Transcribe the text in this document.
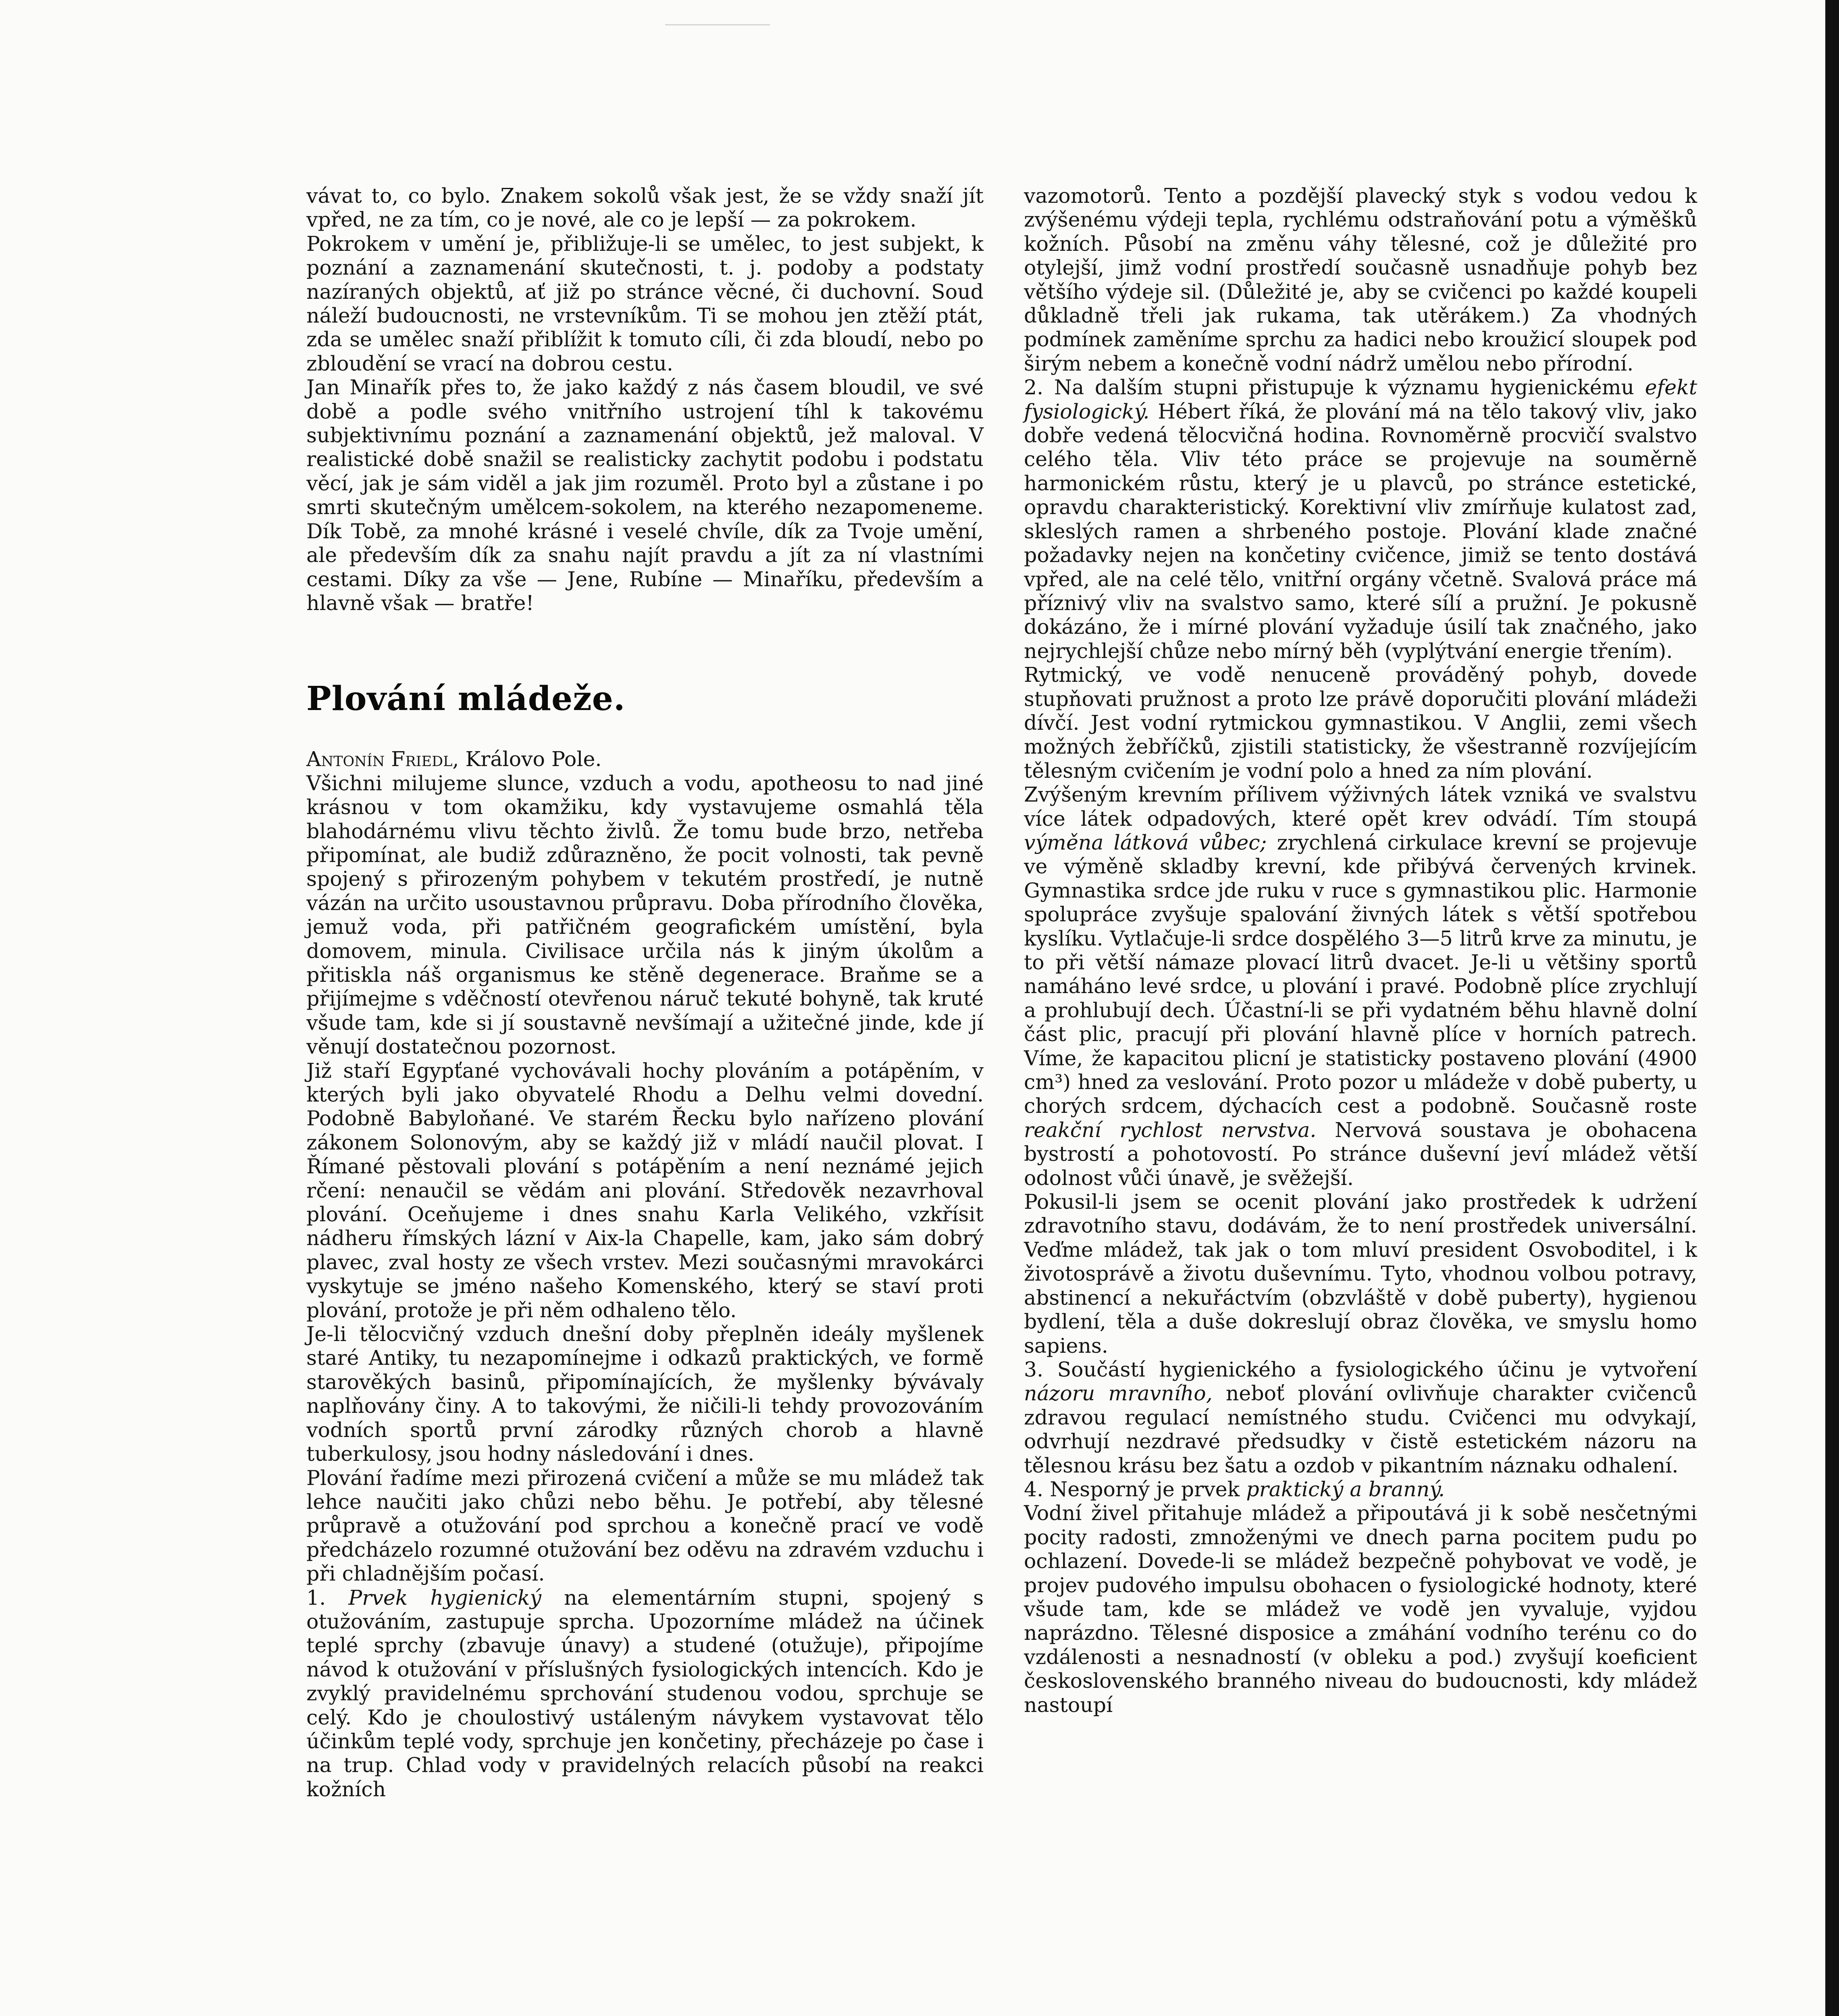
vávat to, co bylo. Znakem sokolů však jest, že se vždy snaží jít vpřed, ne za tím, co je nové, ale co je lepší — za pokrokem.

Pokrokem v umění je, přibližuje-li se umělec, to jest subjekt, k poznání a zaznamenání skutečnosti, t. j. podoby a podstaty nazíraných objektů, ať již po stránce věcné, či duchovní. Soud náleží budoucnosti, ne vrstevníkům. Ti se mohou jen ztěží ptát, zda se umělec snaží přiblížit k tomuto cíli, či zda bloudí, nebo po zbloudění se vrací na dobrou cestu.

Jan Minařík přes to, že jako každý z nás časem bloudil, ve své době a podle svého vnitřního ustrojení tíhl k takovému subjektivnímu poznání a zaznamenání objektů, jež maloval. V realistické době snažil se realisticky zachytit podobu i podstatu věcí, jak je sám viděl a jak jim rozuměl. Proto byl a zůstane i po smrti skutečným umělcem-sokolem, na kterého nezapomeneme. Dík Tobě, za mnohé krásné i veselé chvíle, dík za Tvoje umění, ale především dík za snahu najít pravdu a jít za ní vlastními cestami. Díky za vše — Jene, Rubíne — Minaříku, především a hlavně však — bratře!

Plování mládeže.

Antonín Friedl, Královo Pole.

Všichni milujeme slunce, vzduch a vodu, apotheosu to nad jiné krásnou v tom okamžiku, kdy vystavujeme osmahlá těla blahodárnému vlivu těchto živlů. Že tomu bude brzo, netřeba připomínat, ale budiž zdůrazněno, že pocit volnosti, tak pevně spojený s přirozeným pohybem v tekutém prostředí, je nutně vázán na určito usoustavnou průpravu. Doba přírodního člověka, jemuž voda, při patřičném geografickém umístění, byla domovem, minula. Civilisace určila nás k jiným úkolům a přitiskla náš organismus ke stěně degenerace. Braňme se a přijímejme s vděčností otevřenou náruč tekuté bohyně, tak kruté všude tam, kde si jí soustavně nevšímají a užitečné jinde, kde jí věnují dostatečnou pozornost.

Již staří Egypťané vychovávali hochy plováním a potápěním, v kterých byli jako obyvatelé Rhodu a Delhu velmi dovední. Podobně Babyloňané. Ve starém Řecku bylo nařízeno plování zákonem Solonovým, aby se každý již v mládí naučil plovat. I Římané pěstovali plování s potápěním a není neznámé jejich rčení: nenaučil se vědám ani plování. Středověk nezavrhoval plování. Oceňujeme i dnes snahu Karla Velikého, vzkřísit nádheru římských lázní v Aix-la Chapelle, kam, jako sám dobrý plavec, zval hosty ze všech vrstev. Mezi současnými mravokárci vyskytuje se jméno našeho Komenského, který se staví proti plování, protože je při něm odhaleno tělo.

Je-li tělocvičný vzduch dnešní doby přeplněn ideály myšlenek staré Antiky, tu nezapomínejme i odkazů praktických, ve formě starověkých basinů, připomínajících, že myšlenky bývávaly naplňovány činy. A to takovými, že ničili-li tehdy provozováním vodních sportů první zárodky různých chorob a hlavně tuberkulosy, jsou hodny následování i dnes.

Plování řadíme mezi přirozená cvičení a může se mu mládež tak lehce naučiti jako chůzi nebo běhu. Je potřebí, aby tělesné průpravě a otužování pod sprchou a konečně prací ve vodě předcházelo rozumné otužování bez oděvu na zdravém vzduchu i při chladnějším počasí.

1. Prvek hygienický na elementárním stupni, spojený s otužováním, zastupuje sprcha. Upozorníme mládež na účinek teplé sprchy (zbavuje únavy) a studené (otužuje), připojíme návod k otužování v příslušných fysiologických intencích. Kdo je zvyklý pravidelnému sprchování studenou vodou, sprchuje se celý. Kdo je choulostivý ustáleným návykem vystavovat tělo účinkům teplé vody, sprchuje jen končetiny, přecházeje po čase i na trup. Chlad vody v pravidelných relacích působí na reakci kožních

vazomotorů. Tento a pozdější plavecký styk s vodou vedou k zvýšenému výdeji tepla, rychlému odstraňování potu a výměšků kožních. Působí na změnu váhy tělesné, což je důležité pro otylejší, jimž vodní prostředí současně usnadňuje pohyb bez většího výdeje sil. (Důležité je, aby se cvičenci po každé koupeli důkladně třeli jak rukama, tak utěrákem.) Za vhodných podmínek zaměníme sprchu za hadici nebo kroužicí sloupek pod širým nebem a konečně vodní nádrž umělou nebo přírodní.

2. Na dalším stupni přistupuje k významu hygienickému efekt fysiologický. Hébert říká, že plování má na tělo takový vliv, jako dobře vedená tělocvičná hodina. Rovnoměrně procvičí svalstvo celého těla. Vliv této práce se projevuje na souměrně harmonickém růstu, který je u plavců, po stránce estetické, opravdu charakteristický. Korektivní vliv zmírňuje kulatost zad, skleslých ramen a shrbeného postoje. Plování klade značné požadavky nejen na končetiny cvičence, jimiž se tento dostává vpřed, ale na celé tělo, vnitřní orgány včetně. Svalová práce má příznivý vliv na svalstvo samo, které sílí a pružní. Je pokusně dokázáno, že i mírné plování vyžaduje úsilí tak značného, jako nejrychlejší chůze nebo mírný běh (vyplýtvání energie třením).

Rytmický, ve vodě nenuceně prováděný pohyb, dovede stupňovati pružnost a proto lze právě doporučiti plování mládeži dívčí. Jest vodní rytmickou gymnastikou. V Anglii, zemi všech možných žebříčků, zjistili statisticky, že všestranně rozvíjejícím tělesným cvičením je vodní polo a hned za ním plování.

Zvýšeným krevním přílivem výživných látek vzniká ve svalstvu více látek odpadových, které opět krev odvádí. Tím stoupá výměna látková vůbec; zrychlená cirkulace krevní se projevuje ve výměně skladby krevní, kde přibývá červených krvinek. Gymnastika srdce jde ruku v ruce s gymnastikou plic. Harmonie spolupráce zvyšuje spalování živných látek s větší spotřebou kyslíku. Vytlačuje-li srdce dospělého 3—5 litrů krve za minutu, je to při větší námaze plovací litrů dvacet. Je-li u většiny sportů namáháno levé srdce, u plování i pravé. Podobně plíce zrychlují a prohlubují dech. Účastní-li se při vydatném běhu hlavně dolní část plic, pracují při plování hlavně plíce v horních patrech. Víme, že kapacitou plicní je statisticky postaveno plování (4900 cm³) hned za veslování. Proto pozor u mládeže v době puberty, u chorých srdcem, dýchacích cest a podobně. Současně roste reakční rychlost nervstva. Nervová soustava je obohacena bystrostí a pohotovostí. Po stránce duševní jeví mládež větší odolnost vůči únavě, je svěžejší.

Pokusil-li jsem se ocenit plování jako prostředek k udržení zdravotního stavu, dodávám, že to není prostředek universální. Veďme mládež, tak jak o tom mluví president Osvoboditel, i k životosprávě a životu duševnímu. Tyto, vhodnou volbou potravy, abstinencí a nekuřáctvím (obzvláště v době puberty), hygienou bydlení, těla a duše dokreslují obraz člověka, ve smyslu homo sapiens.

3. Součástí hygienického a fysiologického účinu je vytvoření názoru mravního, neboť plování ovlivňuje charakter cvičenců zdravou regulací nemístného studu. Cvičenci mu odvykají, odvrhují nezdravé předsudky v čistě estetickém názoru na tělesnou krásu bez šatu a ozdob v pikantním náznaku odhalení.

4. Nesporný je prvek praktický a branný.

Vodní živel přitahuje mládež a připoutává ji k sobě nesčetnými pocity radosti, zmnoženými ve dnech parna pocitem pudu po ochlazení. Dovede-li se mládež bezpečně pohybovat ve vodě, je projev pudového impulsu obohacen o fysiologické hodnoty, které všude tam, kde se mládež ve vodě jen vyvaluje, vyjdou naprázdno. Tělesné disposice a zmáhání vodního terénu co do vzdálenosti a nesnadností (v obleku a pod.) zvyšují koeficient československého branného niveau do budoucnosti, kdy mládež nastoupí
